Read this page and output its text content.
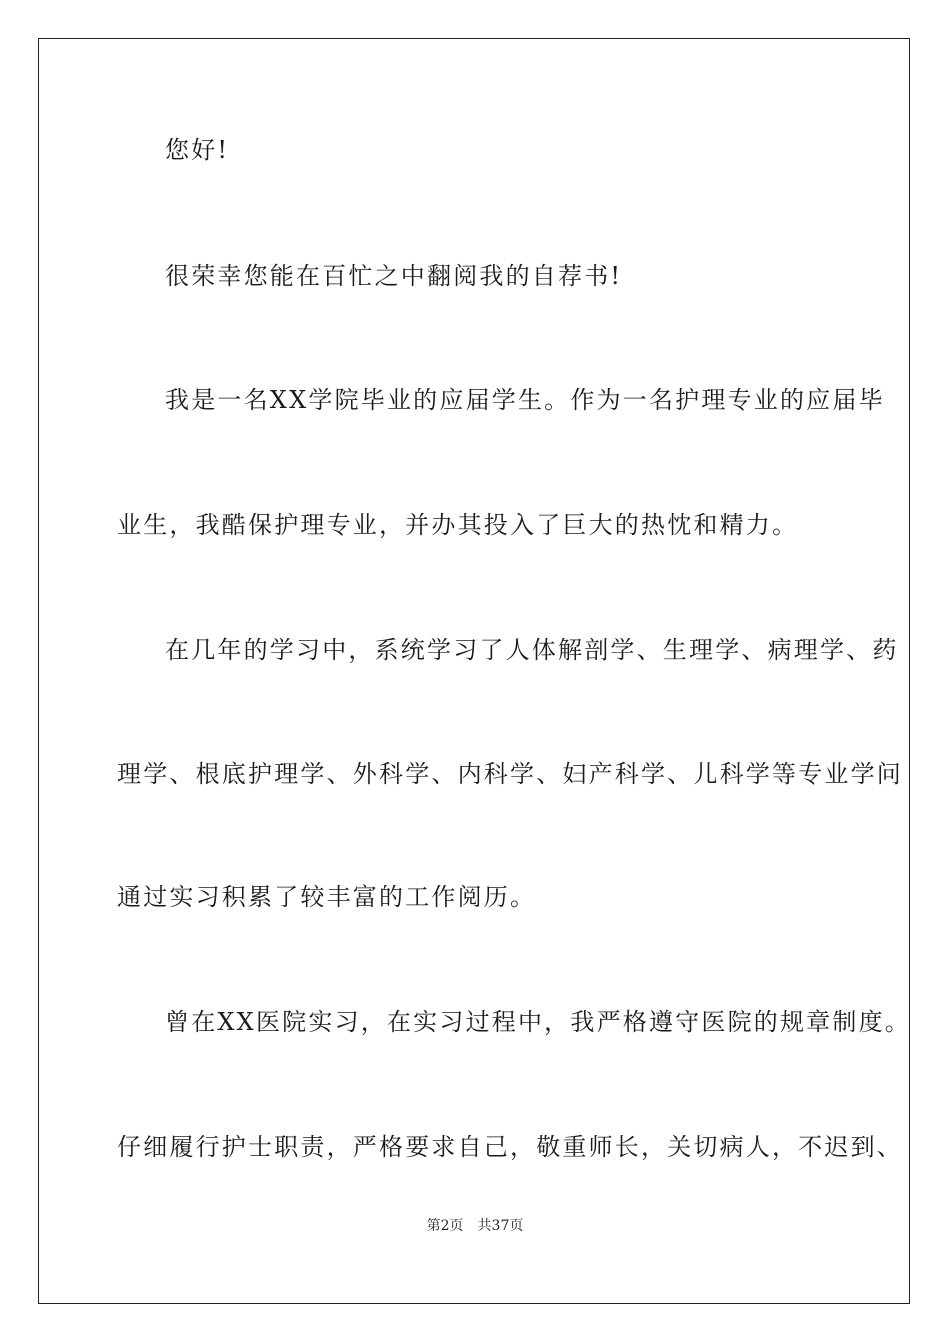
您好!
很荣幸您能在百忙之中翻阅我的自荐书!
我是一名XX学院毕业的应届学生。作为一名护理专业的应届毕
业生，我酷保护理专业，并办其投入了巨大的热忱和精力。
在几年的学习中，系统学习了人体解剖学、生理学、病理学、药
理学、根底护理学、外科学、内科学、妇产科学、儿科学等专业学问
通过实习积累了较丰富的工作阅历。
曾在XX医院实习，在实习过程中，我严格遵守医院的规章制度。
仔细履行护士职责，严格要求自己，敬重师长，关切病人，不迟到、
第2页 共37页
